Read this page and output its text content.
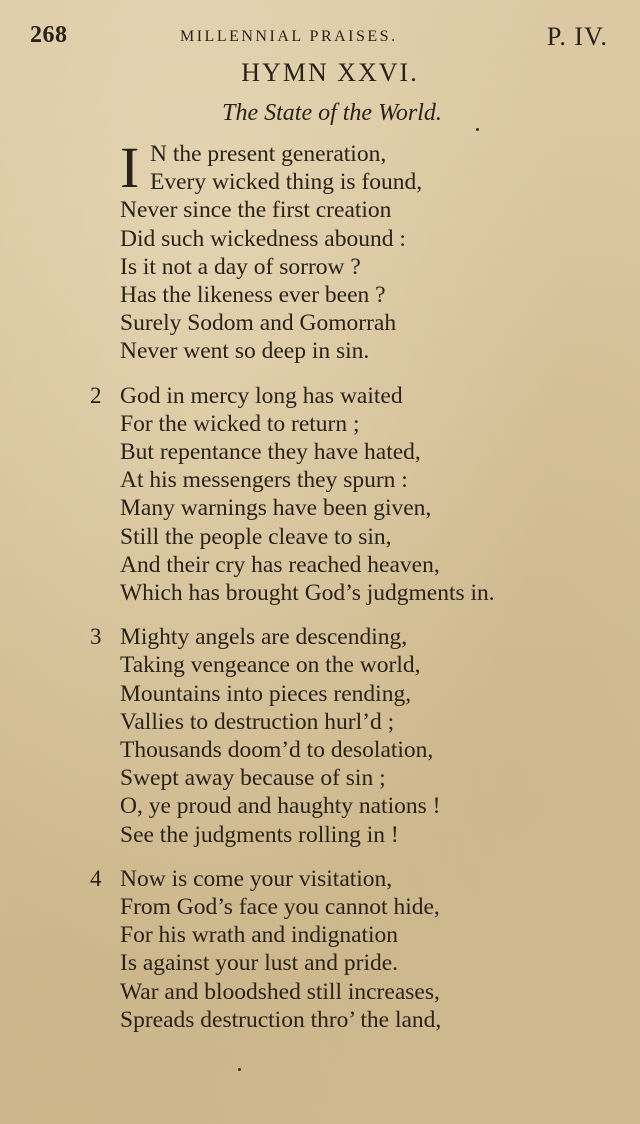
268	MILLENNIAL PRAISES.	P. IV.
HYMN XXVI.
The State of the World.
I N the present generation,
Every wicked thing is found,
Never since the first creation
Did such wickedness abound :
Is it not a day of sorrow ?
Has the likeness ever been ?
Surely Sodom and Gomorrah
Never went so deep in sin.
2 God in mercy long has waited
For the wicked to return ;
But repentance they have hated,
At his messengers they spurn :
Many warnings have been given,
Still the people cleave to sin,
And their cry has reached heaven,
Which has brought God’s judgments in.
3 Mighty angels are descending,
Taking vengeance on the world,
Mountains into pieces rending,
Vallies to destruction hurl’d ;
Thousands doom’d to desolation,
Swept away because of sin ;
O, ye proud and haughty nations !
See the judgments rolling in !
4 Now is come your visitation,
From God’s face you cannot hide,
For his wrath and indignation
Is against your lust and pride.
War and bloodshed still increases,
Spreads destruction thro’ the land,
